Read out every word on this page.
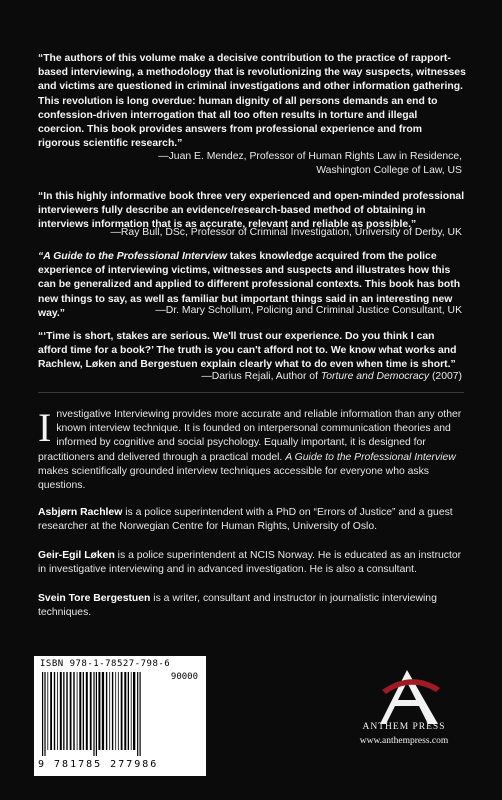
“The authors of this volume make a decisive contribution to the practice of rapport-based interviewing, a methodology that is revolutionizing the way suspects, witnesses and victims are questioned in criminal investigations and other information gathering. This revolution is long overdue: human dignity of all persons demands an end to confession-driven interrogation that all too often results in torture and illegal coercion. This book provides answers from professional experience and from rigorous scientific research.”

—Juan E. Mendez, Professor of Human Rights Law in Residence,
Washington College of Law, US

“In this highly informative book three very experienced and open-minded professional interviewers fully describe an evidence/research-based method of obtaining in interviews information that is as accurate, relevant and reliable as possible.”

—Ray Bull, DSc, Professor of Criminal Investigation, University of Derby, UK

“A Guide to the Professional Interview takes knowledge acquired from the police experience of interviewing victims, witnesses and suspects and illustrates how this can be generalized and applied to different professional contexts. This book has both new things to say, as well as familiar but important things said in an interesting new way.”	—Dr. Mary Schollum, Policing and Criminal Justice Consultant, UK

“‘Time is short, stakes are serious. We'll trust our experience. Do you think I can afford time for a book?’ The truth is you can't afford not to. We know what works and Rachlew, Løken and Bergestuen explain clearly what to do even when time is short.”

—Darius Rejali, Author of Torture and Democracy (2007)

Investigative Interviewing provides more accurate and reliable information than any other known interview technique. It is founded on interpersonal communication theories and informed by cognitive and social psychology. Equally important, it is designed for practitioners and delivered through a practical model. A Guide to the Professional Interview makes scientifically grounded interview techniques accessible for everyone who asks questions.

Asbjørn Rachlew is a police superintendent with a PhD on “Errors of Justice” and a guest researcher at the Norwegian Centre for Human Rights, University of Oslo.

Geir-Egil Løken is a police superintendent at NCIS Norway. He is educated as an instructor in investigative interviewing and in advanced investigation. He is also a consultant.

Svein Tore Bergestuen is a writer, consultant and instructor in journalistic interviewing techniques.

ISBN 978-1-78527-798-6
90000
9 781785 277986
ANTHEM PRESS
www.anthempress.com
